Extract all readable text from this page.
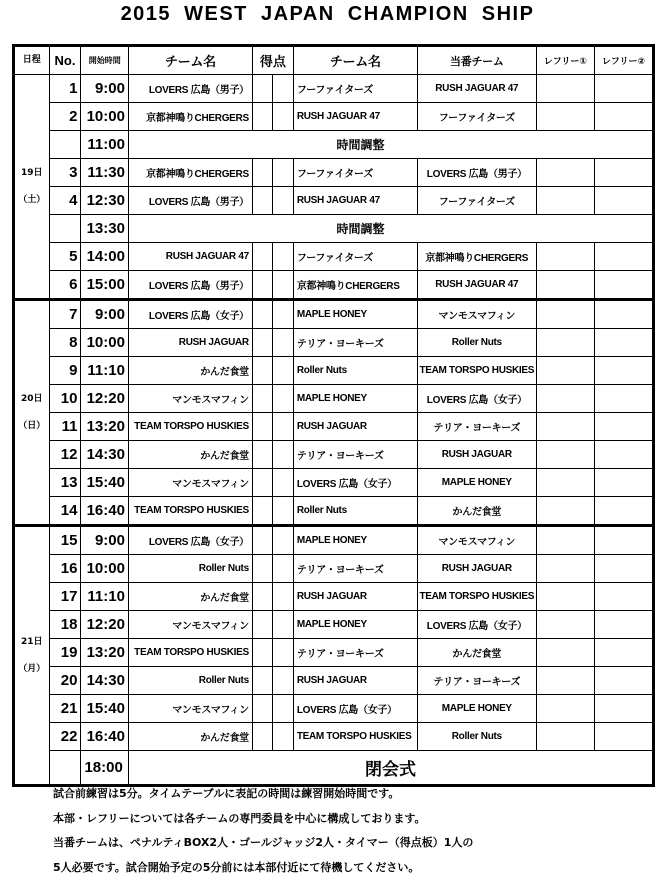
2015 WEST JAPAN CHAMPION SHIP
日程	No.	開始時間	チーム名	得点		チーム名	当番チーム	レフリー①	レフリー②

19日
（土）	1	9:00	LOVERS 広島（男子）			フーファイターズ	RUSH JAGUAR 47		
	2	10:00	京都神鳴りCHERGERS			RUSH JAGUAR 47	フーファイターズ		
		11:00	時間調整						
	3	11:30	京都神鳴りCHERGERS			フーファイターズ	LOVERS 広島（男子）		
	4	12:30	LOVERS 広島（男子）			RUSH JAGUAR 47	フーファイターズ		
		13:30	時間調整						
	5	14:00	RUSH JAGUAR 47			フーファイターズ	京都神鳴りCHERGERS		
	6	15:00	LOVERS 広島（男子）			京都神鳴りCHERGERS	RUSH JAGUAR 47		

20日
（日）	7	9:00	LOVERS 広島（女子）			MAPLE HONEY	マンモスマフィン		
	8	10:00	RUSH JAGUAR			テリア・ヨーキーズ	Roller Nuts		
	9	11:10	かんだ食堂			Roller Nuts	TEAM TORSPO HUSKIES		
	10	12:20	マンモスマフィン			MAPLE HONEY	LOVERS 広島（女子）		
	11	13:20	TEAM TORSPO HUSKIES			RUSH JAGUAR	テリア・ヨーキーズ		
	12	14:30	かんだ食堂			テリア・ヨーキーズ	RUSH JAGUAR		
	13	15:40	マンモスマフィン			LOVERS 広島（女子）	MAPLE HONEY		
	14	16:40	TEAM TORSPO HUSKIES			Roller Nuts	かんだ食堂		

21日
（月）	15	9:00	LOVERS 広島（女子）			MAPLE HONEY	マンモスマフィン		
	16	10:00	Roller Nuts			テリア・ヨーキーズ	RUSH JAGUAR		
	17	11:10	かんだ食堂			RUSH JAGUAR	TEAM TORSPO HUSKIES		
	18	12:20	マンモスマフィン			MAPLE HONEY	LOVERS 広島（女子）		
	19	13:20	TEAM TORSPO HUSKIES			テリア・ヨーキーズ	かんだ食堂		
	20	14:30	Roller Nuts			RUSH JAGUAR	テリア・ヨーキーズ		
	21	15:40	マンモスマフィン			LOVERS 広島（女子）	MAPLE HONEY		
	22	16:40	かんだ食堂			TEAM TORSPO HUSKIES	Roller Nuts		
		18:00	閉会式						
試合前練習は5分。タイムテーブルに表記の時間は練習開始時間です。
本部・レフリーについては各チームの専門委員を中心に構成しております。
当番チームは、ペナルティBOX2人・ゴールジャッジ2人・タイマー（得点板）1人の
5人必要です。試合開始予定の5分前には本部付近にて待機してください。
